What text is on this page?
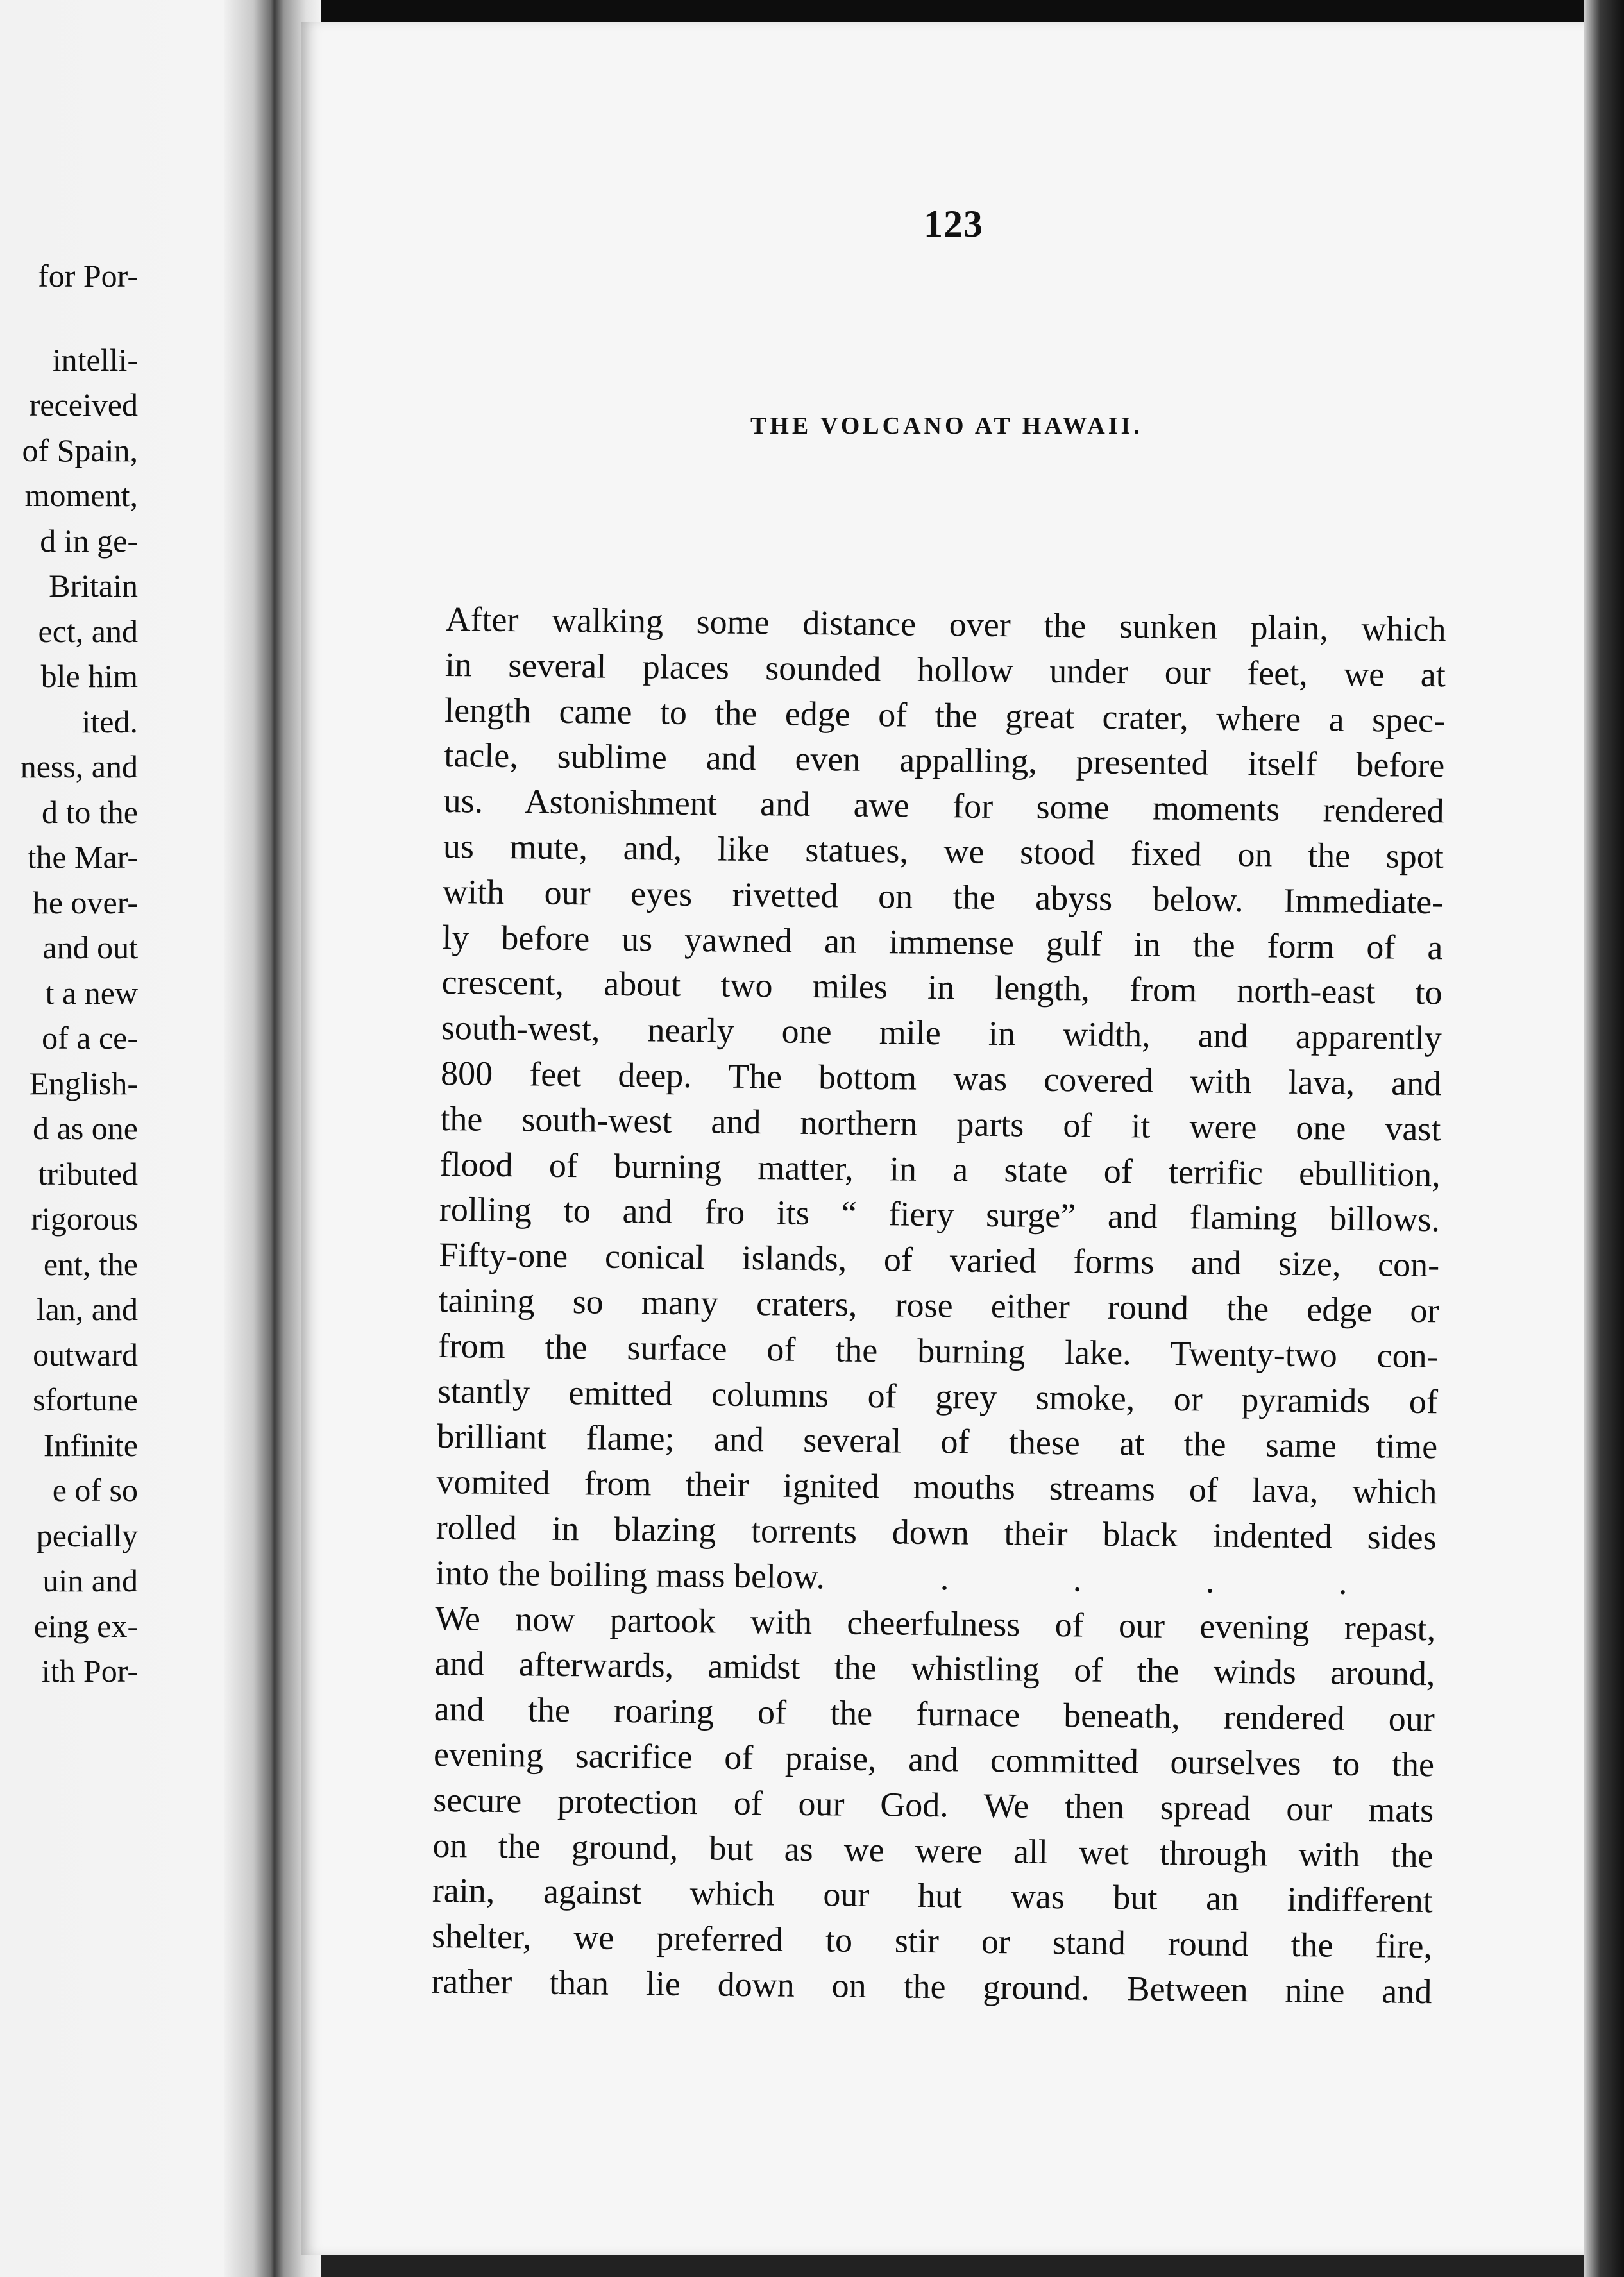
for Por-
intelli-
received
of Spain,
moment,
d in ge-
Britain
ect, and
ble him
ited.
ness, and
d to the
the Mar-
he over-
and out
t a new
of a ce-
English-
d as one
tributed
rigorous
ent, the
lan, and
outward
sfortune
Infinite
e of so
pecially
uin and
eing ex-
ith Por-
123
THE VOLCANO AT HAWAII.
After walking some distance over the sunken plain, which
in several places sounded hollow under our feet, we at
length came to the edge of the great crater, where a spec-
tacle, sublime and even appalling, presented itself before
us. Astonishment and awe for some moments rendered
us mute, and, like statues, we stood fixed on the spot
with our eyes rivetted on the abyss below. Immediate-
ly before us yawned an immense gulf in the form of a
crescent, about two miles in length, from north-east to
south-west, nearly one mile in width, and apparently
800 feet deep. The bottom was covered with lava, and
the south-west and northern parts of it were one vast
flood of burning matter, in a state of terrific ebullition,
rolling to and fro its “ fiery surge” and flaming billows.
Fifty-one conical islands, of varied forms and size, con-
taining so many craters, rose either round the edge or
from the surface of the burning lake. Twenty-two con-
stantly emitted columns of grey smoke, or pyramids of
brilliant flame; and several of these at the same time
vomited from their ignited mouths streams of lava, which
rolled in blazing torrents down their black indented sides
into the boiling mass below.	. . . .
We now partook with cheerfulness of our evening repast,
and afterwards, amidst the whistling of the winds around,
and the roaring of the furnace beneath, rendered our
evening sacrifice of praise, and committed ourselves to the
secure protection of our God. We then spread our mats
on the ground, but as we were all wet through with the
rain, against which our hut was but an indifferent
shelter, we preferred to stir or stand round the fire,
rather than lie down on the ground. Between nine and
